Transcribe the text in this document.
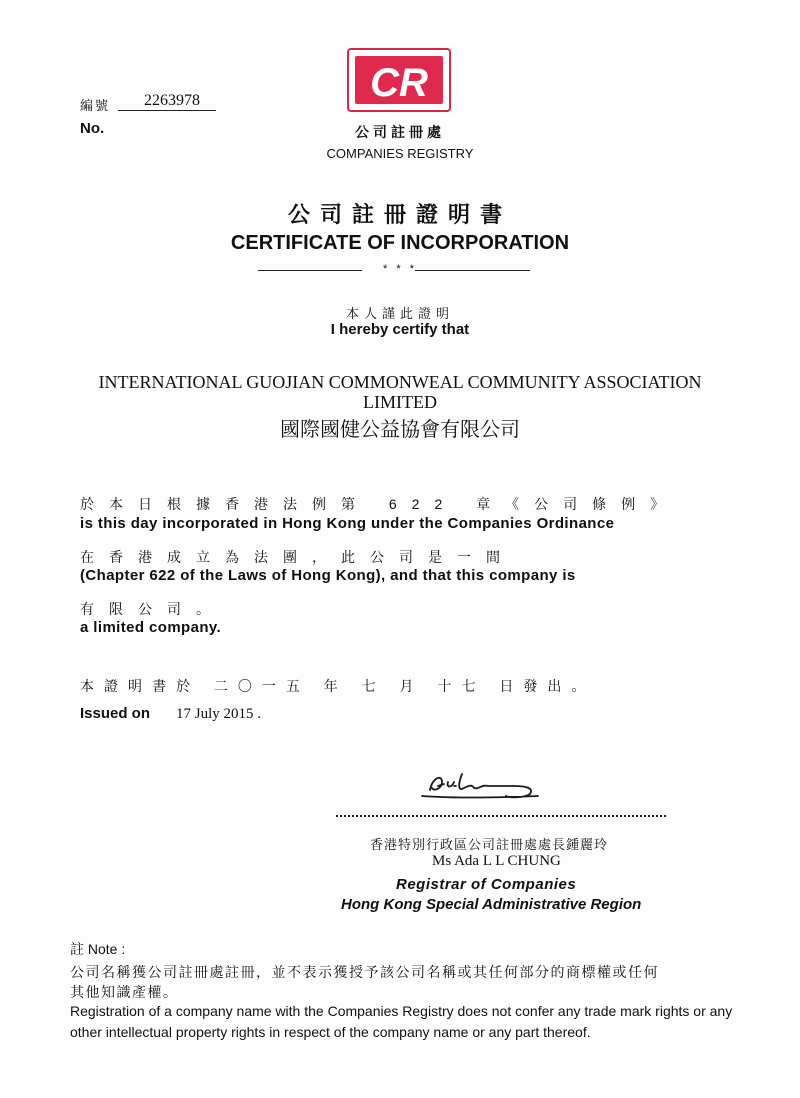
CR
編號	2263978
No.	公司註冊處
COMPANIES REGISTRY
公司註冊證明書
CERTIFICATE OF INCORPORATION
* * *
本人謹此證明
I hereby certify that
INTERNATIONAL GUOJIAN COMMONWEAL COMMUNITY ASSOCIATION
LIMITED
國際國健公益協會有限公司
於本日根據香港法例第 622 章《公司條例》
is this day incorporated in Hong Kong under the Companies Ordinance
在香港成立為法團，此公司是一間
(Chapter 622 of the Laws of Hong Kong), and that this company is
有限公司。
a limited company.
本證明書於 二〇一五 年 七 月 十七 日發出。
Issued on 17 July 2015 .
香港特別行政區公司註冊處處長鍾麗玲
Ms Ada L L CHUNG
Registrar of Companies
Hong Kong Special Administrative Region
註 Note :
公司名稱獲公司註冊處註冊，並不表示獲授予該公司名稱或其任何部分的商標權或任何
其他知識產權。
Registration of a company name with the Companies Registry does not confer any trade mark rights or any other intellectual property rights in respect of the company name or any part thereof.
